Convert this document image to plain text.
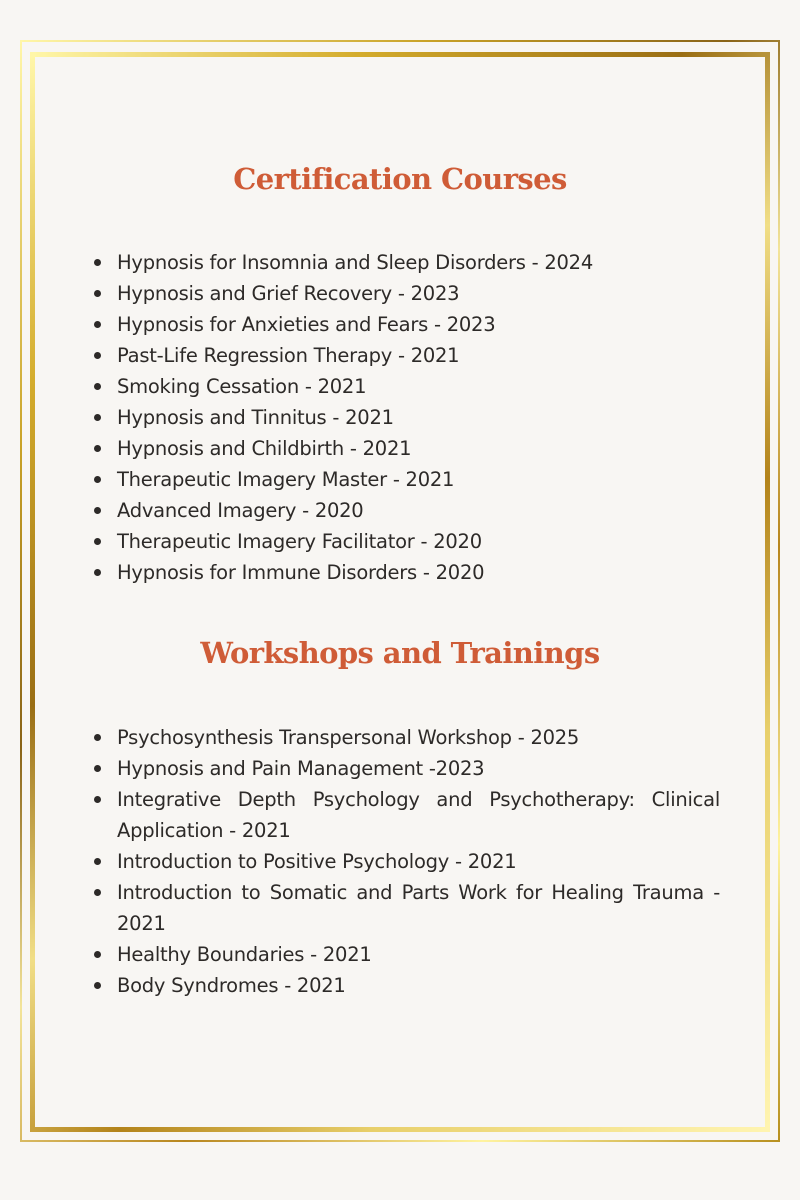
Certification Courses
Hypnosis for Insomnia and Sleep Disorders - 2024
Hypnosis and Grief Recovery - 2023
Hypnosis for Anxieties and Fears - 2023
Past-Life Regression Therapy - 2021
Smoking Cessation - 2021
Hypnosis and Tinnitus - 2021
Hypnosis and Childbirth - 2021
Therapeutic Imagery Master - 2021
Advanced Imagery - 2020
Therapeutic Imagery Facilitator - 2020
Hypnosis for Immune Disorders - 2020
Workshops and Trainings
Psychosynthesis Transpersonal Workshop - 2025
Hypnosis and Pain Management -2023
Integrative Depth Psychology and Psychotherapy: Clinical Application - 2021
Introduction to Positive Psychology - 2021
Introduction to Somatic and Parts Work for Healing Trauma - 2021
Healthy Boundaries - 2021
Body Syndromes - 2021
